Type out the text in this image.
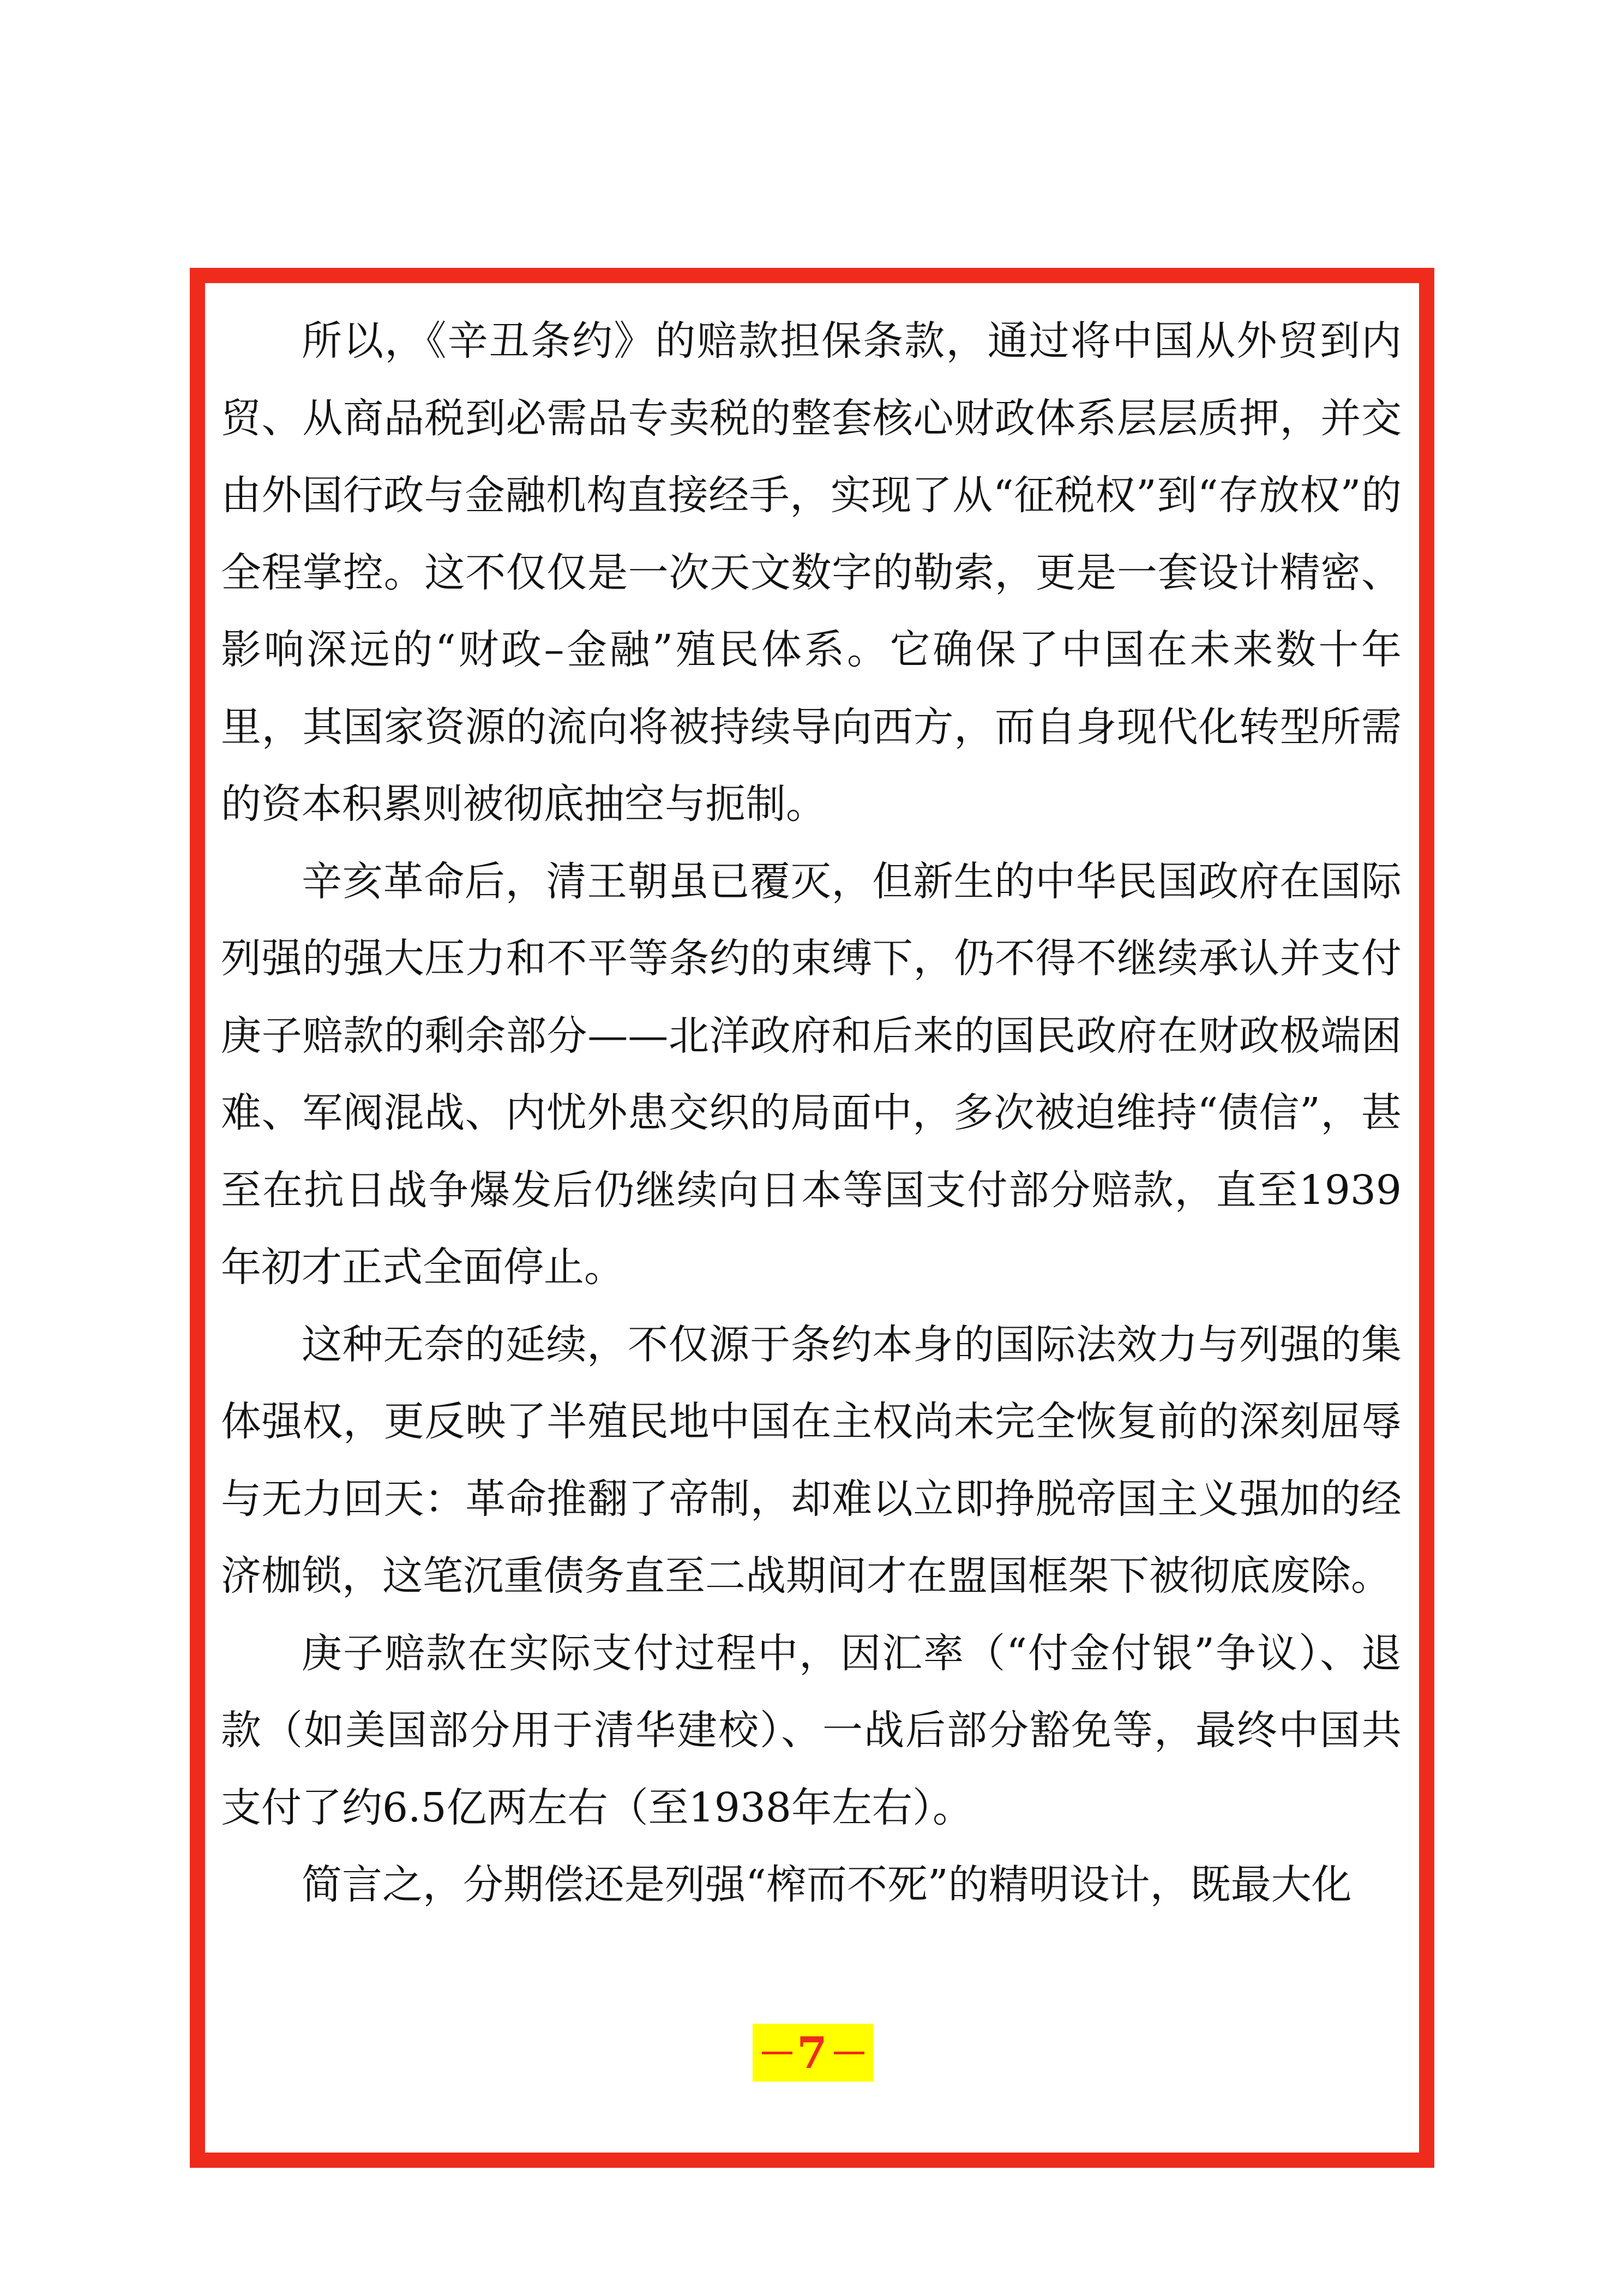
所以，《辛丑条约》的赔款担保条款，通过将中国从外贸到内贸、从商品税到必需品专卖税的整套核心财政体系层层质押，并交由外国行政与金融机构直接经手，实现了从“征税权”到“存放权”的全程掌控。这不仅仅是一次天文数字的勒索，更是一套设计精密、影响深远的“财政–金融”殖民体系。它确保了中国在未来数十年里，其国家资源的流向将被持续导向西方，而自身现代化转型所需的资本积累则被彻底抽空与扼制。

辛亥革命后，清王朝虽已覆灭，但新生的中华民国政府在国际列强的强大压力和不平等条约的束缚下，仍不得不继续承认并支付庚子赔款的剩余部分——北洋政府和后来的国民政府在财政极端困难、军阀混战、内忧外患交织的局面中，多次被迫维持“债信”，甚至在抗日战争爆发后仍继续向日本等国支付部分赔款，直至1939年初才正式全面停止。

这种无奈的延续，不仅源于条约本身的国际法效力与列强的集体强权，更反映了半殖民地中国在主权尚未完全恢复前的深刻屈辱与无力回天：革命推翻了帝制，却难以立即挣脱帝国主义强加的经济枷锁，这笔沉重债务直至二战期间才在盟国框架下被彻底废除。

庚子赔款在实际支付过程中，因汇率（“付金付银”争议）、退款（如美国部分用于清华建校）、一战后部分豁免等，最终中国共支付了约6.5亿两左右（至1938年左右）。

简言之，分期偿还是列强“榨而不死”的精明设计，既最大化

7
